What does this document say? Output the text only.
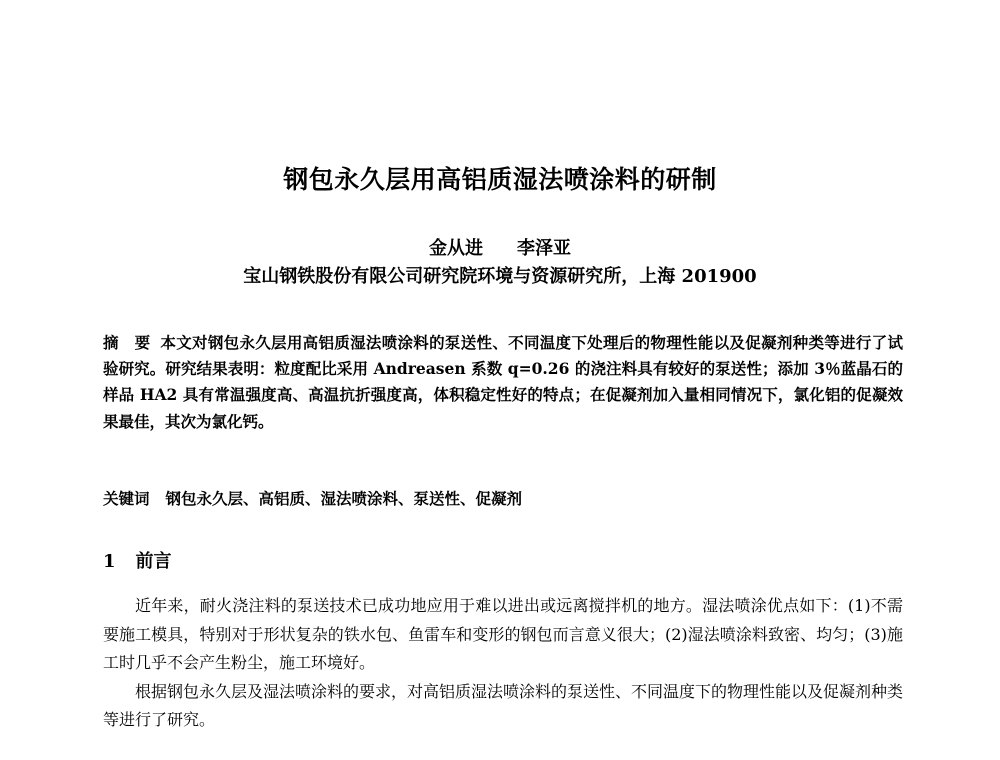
钢包永久层用高铝质湿法喷涂料的研制
金从进 李泽亚
宝山钢铁股份有限公司研究院环境与资源研究所，上海 201900
摘　要 本文对钢包永久层用高铝质湿法喷涂料的泵送性、不同温度下处理后的物理性能以及促凝剂种类等进行了试验研究。研究结果表明：粒度配比采用 Andreasen 系数 q=0.26 的浇注料具有较好的泵送性；添加 3％蓝晶石的样品 HA2 具有常温强度高、高温抗折强度高，体积稳定性好的特点；在促凝剂加入量相同情况下，氯化铝的促凝效果最佳，其次为氯化钙。
关键词 钢包永久层、高铝质、湿法喷涂料、泵送性、促凝剂
1 前言

近年来，耐火浇注料的泵送技术已成功地应用于难以进出或远离搅拌机的地方。湿法喷涂优点如下：(1)不需要施工模具，特别对于形状复杂的铁水包、鱼雷车和变形的钢包而言意义很大；(2)湿法喷涂料致密、均匀；(3)施工时几乎不会产生粉尘，施工环境好。

根据钢包永久层及湿法喷涂料的要求，对高铝质湿法喷涂料的泵送性、不同温度下的物理性能以及促凝剂种类等进行了研究。
